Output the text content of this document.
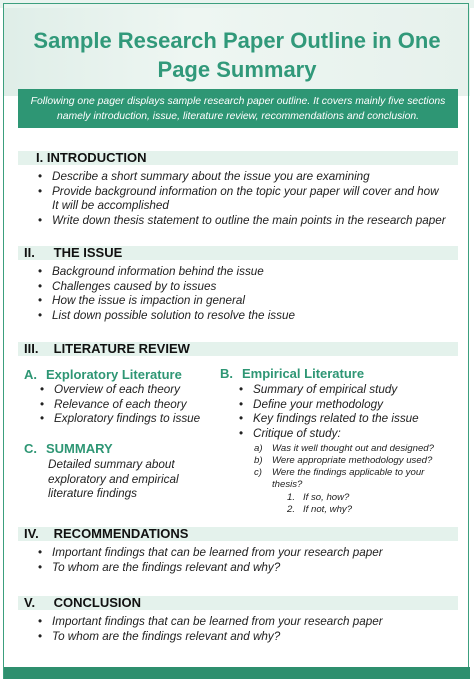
Sample Research Paper Outline in One Page Summary
Following one pager displays sample research paper outline. It covers mainly five sections namely introduction, issue, literature review, recommendations and conclusion.
I. INTRODUCTION
• Describe a short summary about the issue you are examining
• Provide background information on the topic your paper will cover and how It will be accomplished
• Write down thesis statement to outline the main points in the research paper
II. THE ISSUE
• Background information behind the issue
• Challenges caused by to issues
• How the issue is impaction in general
• List down possible solution to resolve the issue
III. LITERATURE REVIEW
A. Exploratory Literature
• Overview of each theory
• Relevance of each theory
• Exploratory findings to issue
C. SUMMARY
Detailed summary about exploratory and empirical literature findings
B. Empirical Literature
• Summary of empirical study
• Define your methodology
• Key findings related to the issue
• Critique of study:
a) Was it well thought out and designed?
b) Were appropriate methodology used?
c) Were the findings applicable to your thesis?
1. If so, how?
2. If not, why?
IV. RECOMMENDATIONS
• Important findings that can be learned from your research paper
• To whom are the findings relevant and why?
V. CONCLUSION
• Important findings that can be learned from your research paper
• To whom are the findings relevant and why?
